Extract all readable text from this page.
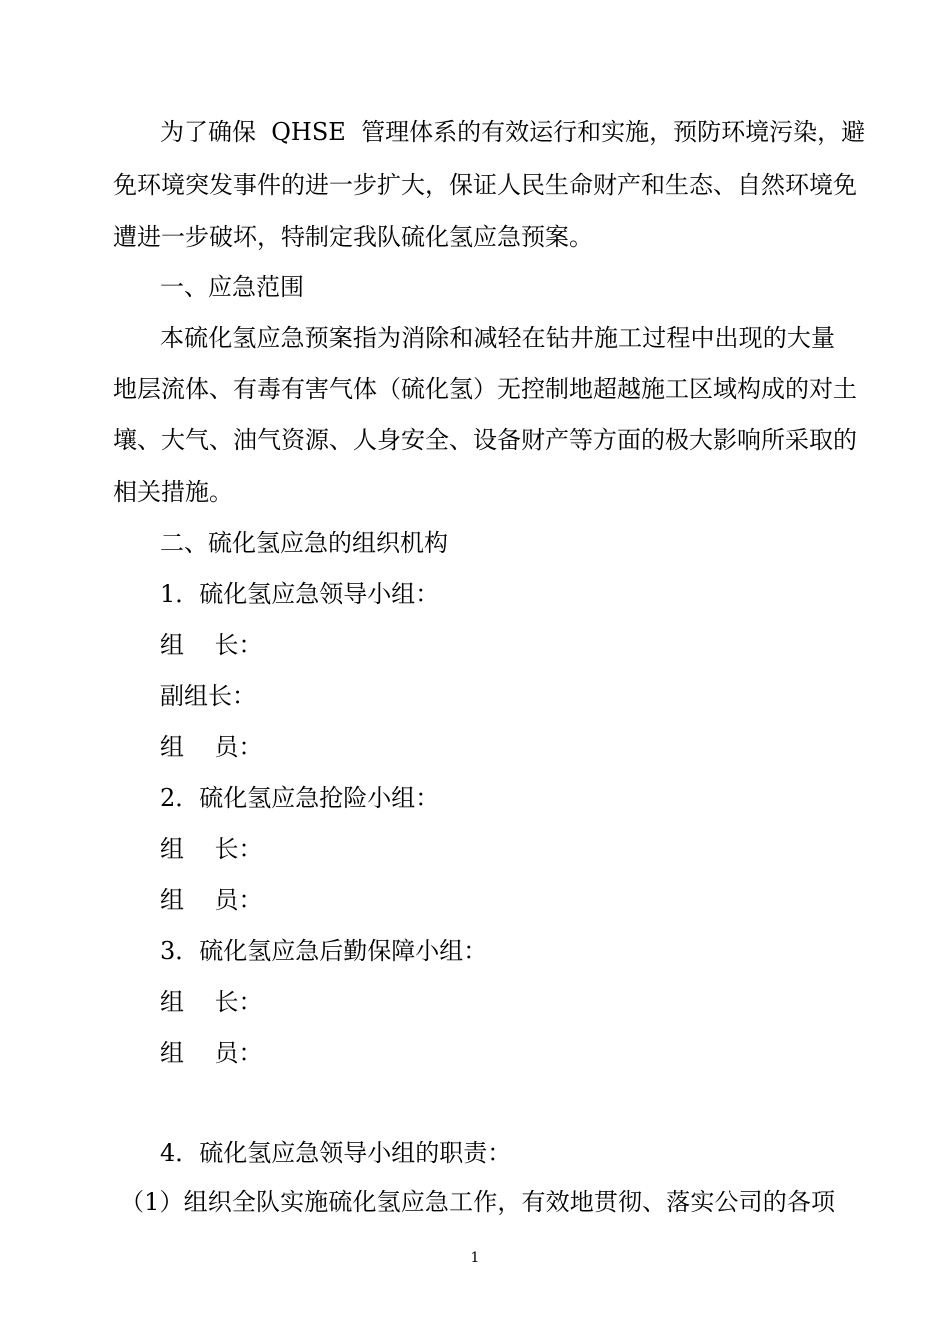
为了确保  QHSE  管理体系的有效运行和实施，预防环境污染，避

免环境突发事件的进一步扩大，保证人民生命财产和生态、自然环境免

遭进一步破坏，特制定我队硫化氢应急预案。

一、应急范围

本硫化氢应急预案指为消除和减轻在钻井施工过程中出现的大量

地层流体、有毒有害气体（硫化氢）无控制地超越施工区域构成的对土

壤、大气、油气资源、人身安全、设备财产等方面的极大影响所采取的

相关措施。

二、硫化氢应急的组织机构

1．硫化氢应急领导小组：

组    长：

副组长：

组    员：

2．硫化氢应急抢险小组：

组    长：

组    员：

3．硫化氢应急后勤保障小组：

组    长：

组    员：

4．硫化氢应急领导小组的职责：

（1）组织全队实施硫化氢应急工作，有效地贯彻、落实公司的各项

1
